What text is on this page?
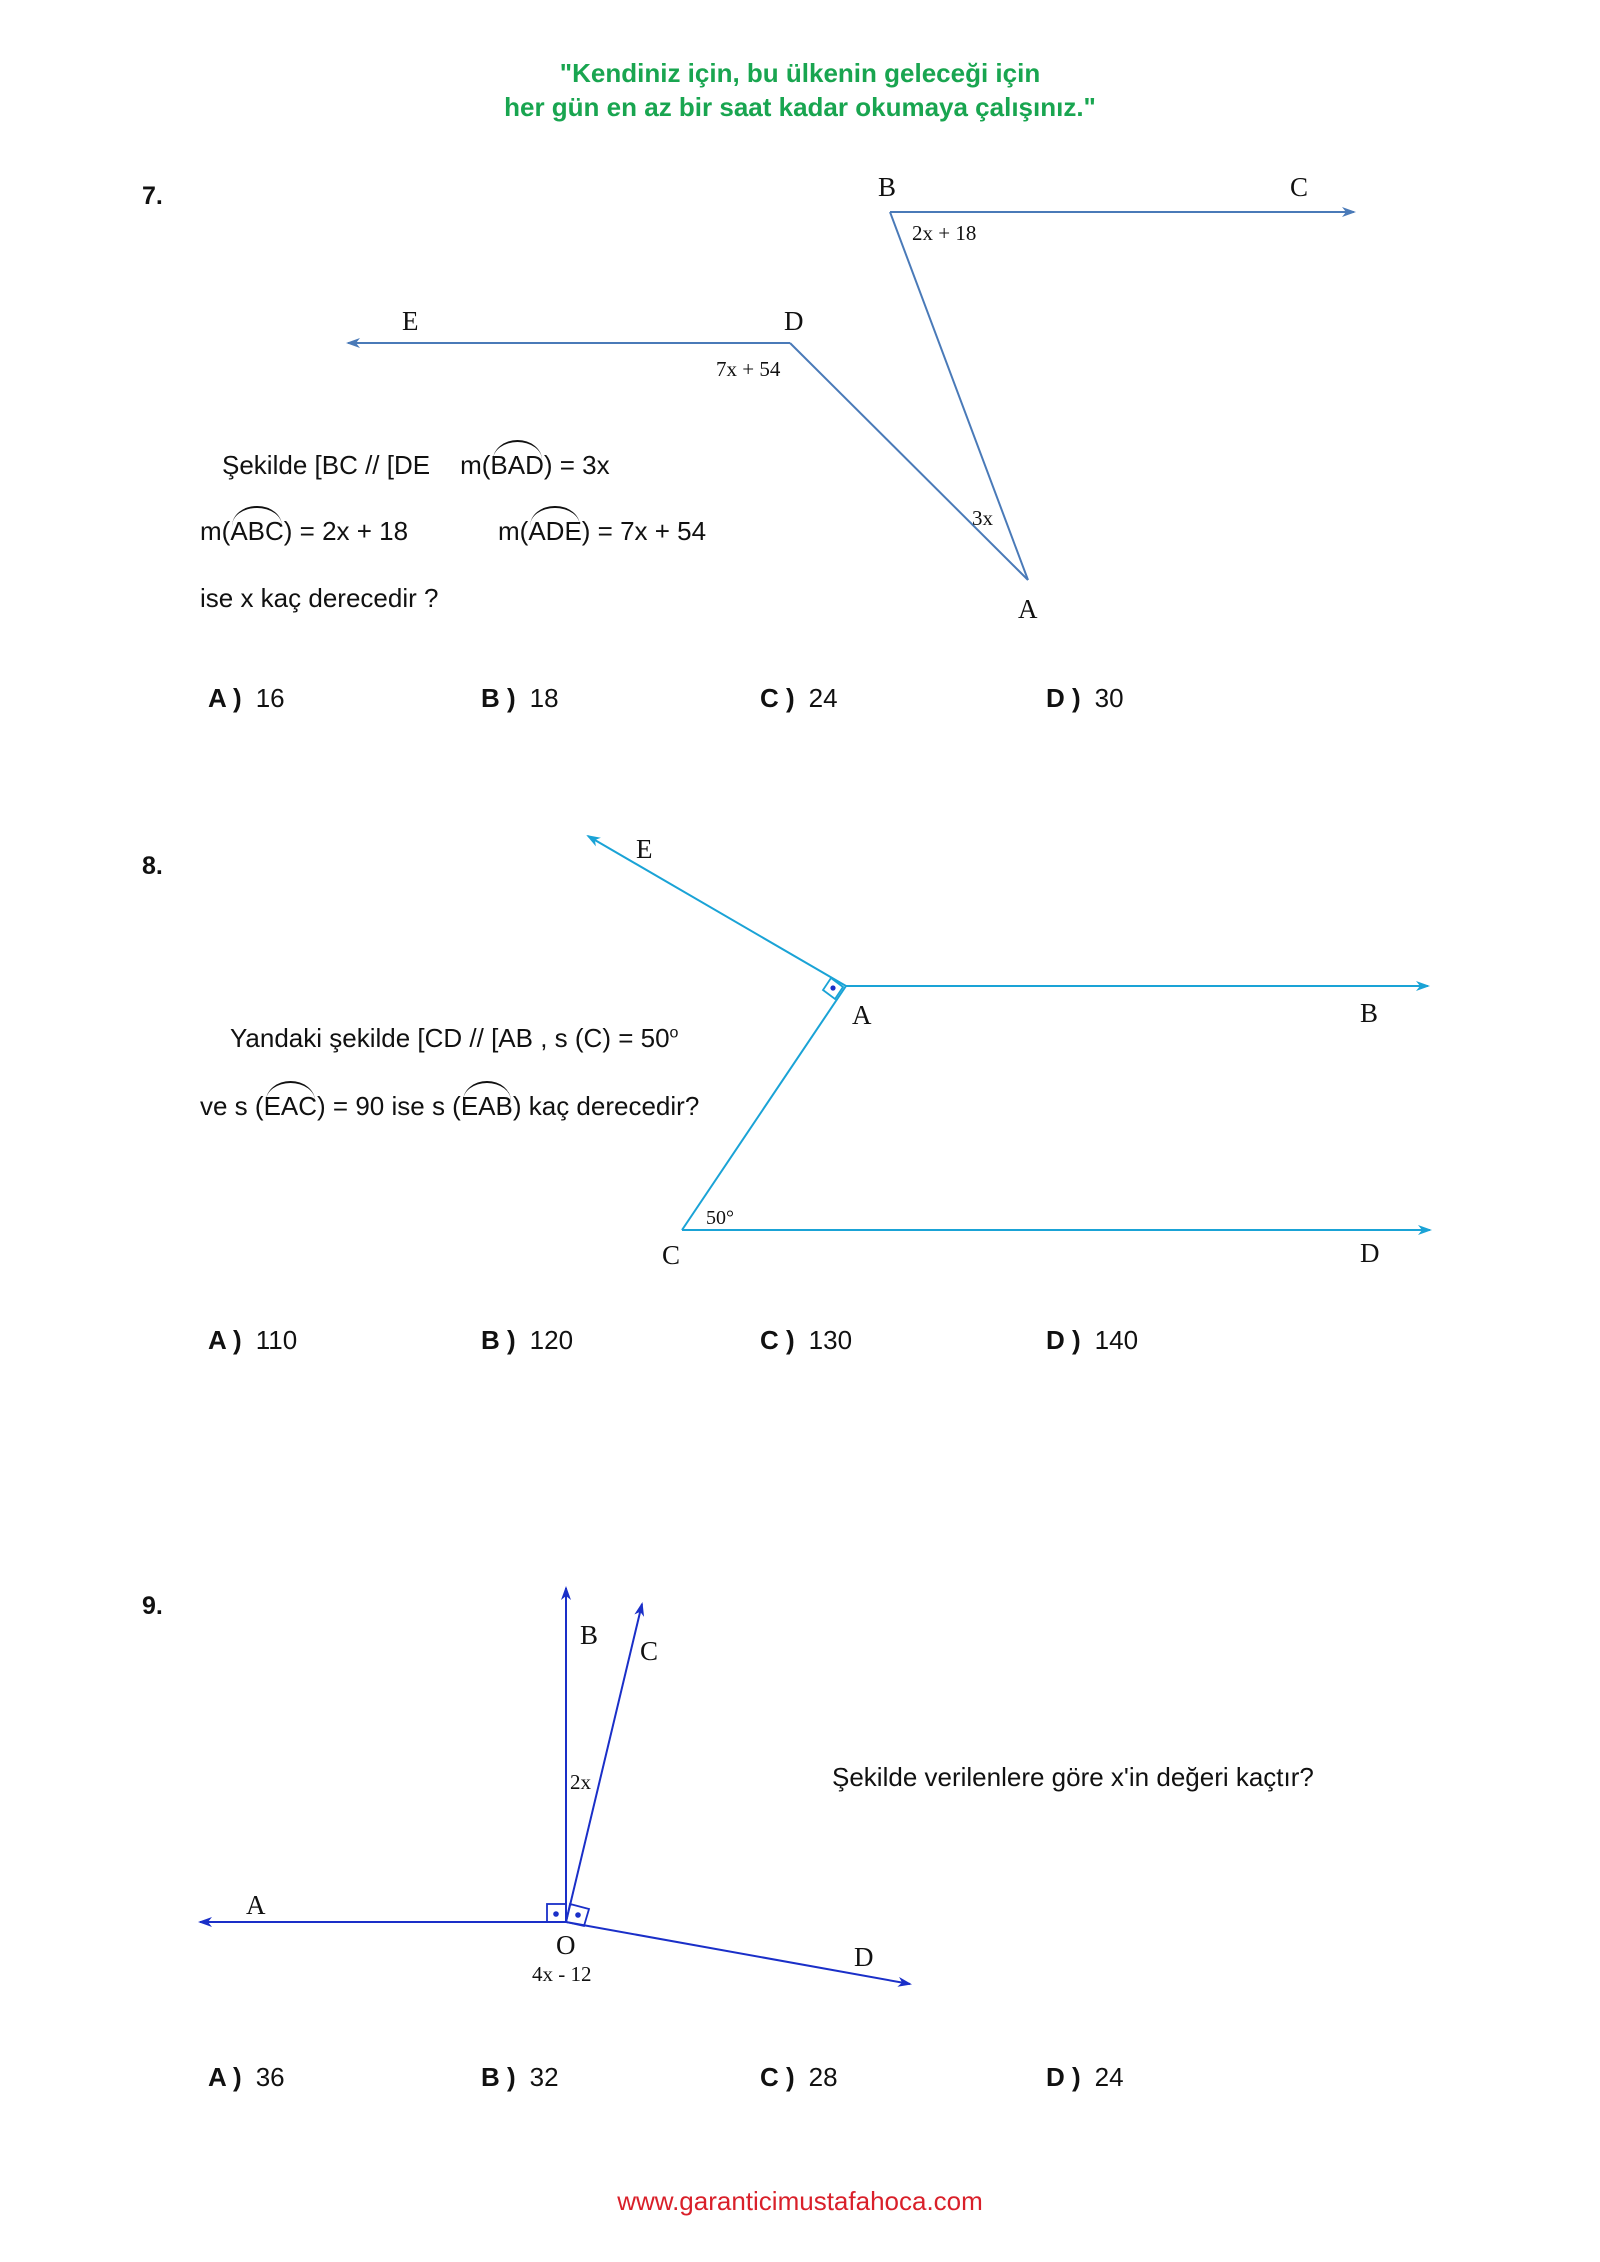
"Kendiniz için, bu ülkenin geleceği için
her gün en az bir saat kadar okumaya çalışınız."
7.	B	C
E	D
A
2x + 18
7x + 54
3x
Şekilde [BC // [DE m(BAD) = 3x
m(ABC) = 2x + 18	m(ADE) = 7x + 54
ise x kaç derecedir ?
A ) 16	B ) 18	C ) 24	D ) 30
8.
E
A	B
C	D
50°
Yandaki şekilde [CD // [AB , s $(C) = 50^o$
ve s (EAC) = 90 ise s (EAB) kaç derecedir?
A ) 110	B ) 120	C ) 130	D ) 140
9.
B
C
A
O	D
2x
4x - 12
Şekilde verilenlere göre x'in değeri kaçtır?
A ) 36	B ) 32	C ) 28	D ) 24
www.garanticimustafahoca.com
